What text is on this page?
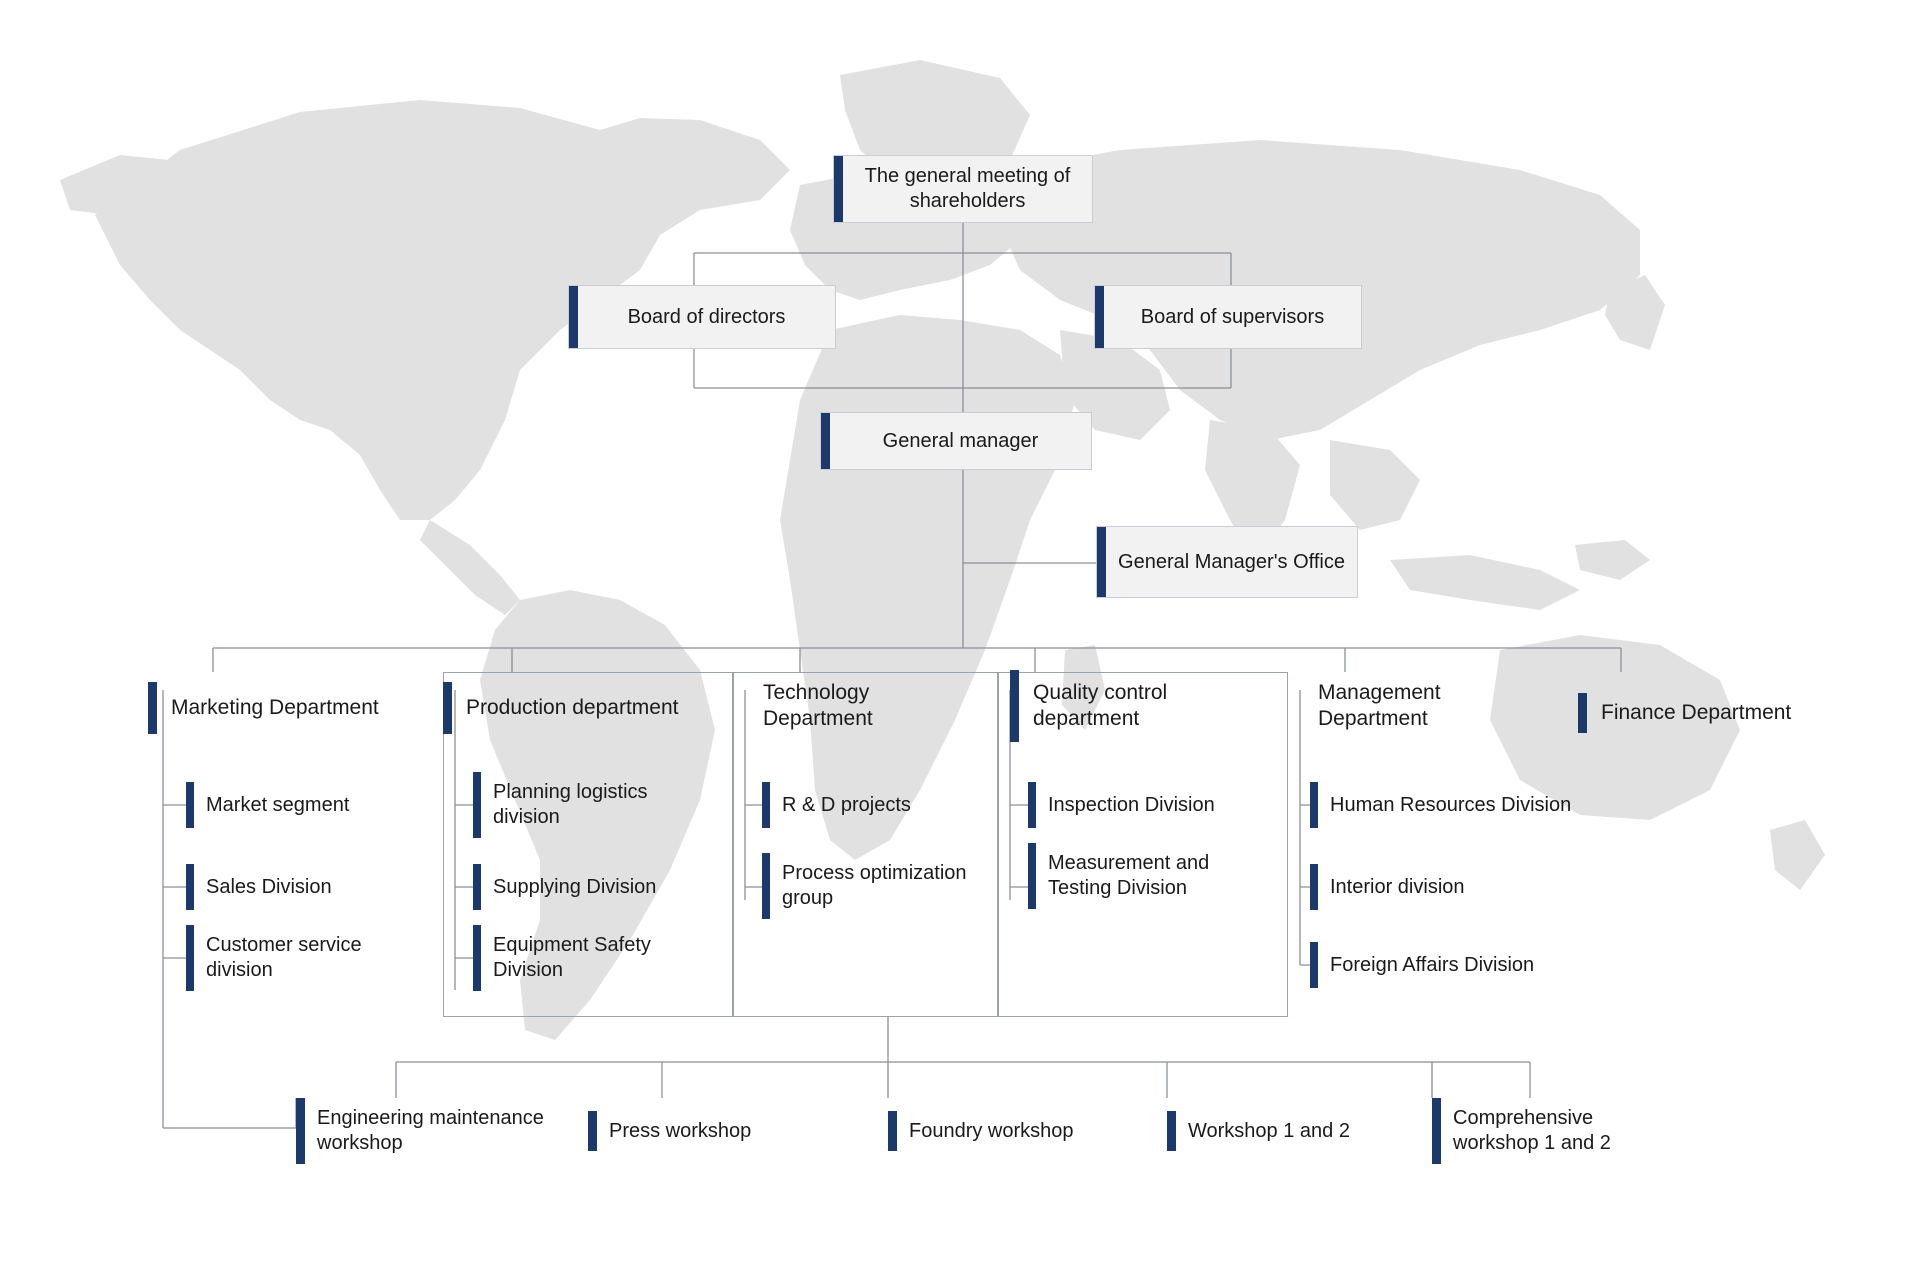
The general meeting of shareholders
Board of directors	Board of supervisors
General manager
General Manager's Office
Marketing Department	Production department
Technology Department
Quality control department
Management Department	Finance Department
Market segment
Sales Division
Customer service division
Planning logistics division
Supplying Division
Equipment Safety Division
R & D projects
Process optimization group
Inspection Division
Measurement and Testing Division
Human Resources Division
Interior division
Foreign Affairs Division
Engineering maintenance workshop
Press workshop	Foundry workshop	Workshop 1 and 2
Comprehensive workshop 1 and 2
